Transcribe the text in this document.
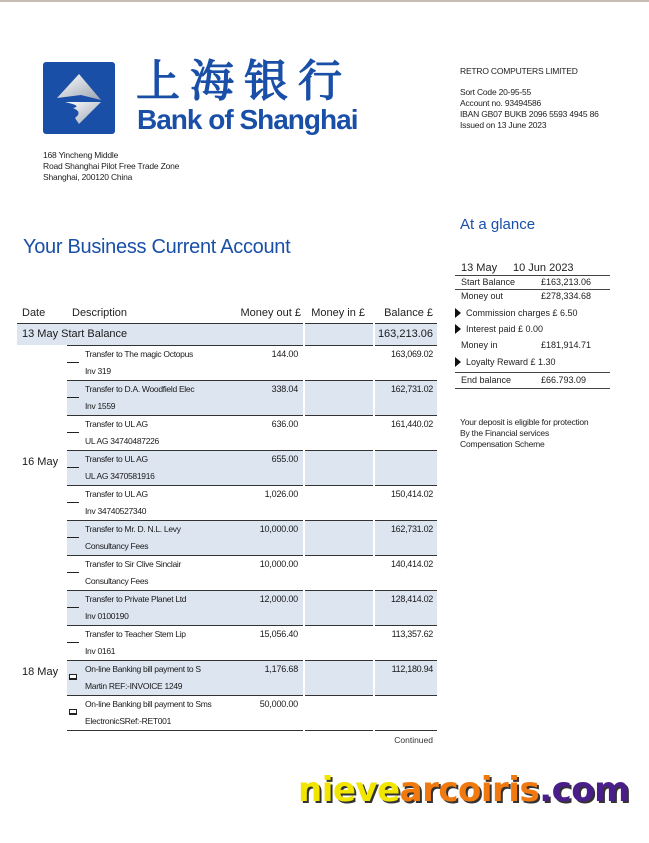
上海银行
Bank of Shanghai
168 Yincheng Middle
Road Shanghai Pilot Free Trade Zone
Shanghai, 200120 China
RETRO COMPUTERS LIMITED
Sort Code 20-95-55
Account no. 93494586
IBAN GB07 BUKB 2096 5593 4945 86
Issued on 13 June 2023
Your Business Current Account
At a glance
13 May	10 Jun 2023
Start Balance	£163,213.06
Money out	£278,334.68
Commission charges £ 6.50
Interest paid £ 0.00
Money in	£181,914.71
Loyalty Reward £ 1.30
End balance	£66.793.09
Your deposit is eligible for protection
By the Financial services
Compensation Scheme
Date Description	Money out £ Money in £ Balance £
13 May Start Balance	163,213.06
Transfer to The magic Octopus
Inv 319
144.00	163,069.02
Transfer to D.A. Woodfield Elec
Inv 1559
338.04	162,731.02
Transfer to UL AG
UL AG 34740487226
636.00	161,440.02
16 May	Transfer to UL AG
UL AG 3470581916
655.00
Transfer to UL AG
Inv 34740527340
1,026.00	150,414.02
Transfer to Mr. D. N.L. Levy
Consultancy Fees
10,000.00	162,731.02
Transfer to Sir Clive Sinclair
Consultancy Fees
10,000.00	140,414.02
Transfer to Private Planet Ltd
Inv 0100190
12,000.00	128,414.02
Transfer to Teacher Stem Lip
Inv 0161
15,056.40	113,357.62
18 May	On-line Banking bill payment to S
Martin REF:-INVOICE 1249
1,176.68	112,180.94
On-line Banking bill payment to Sms
ElectronicSRef:-RET001
50,000.00
Continued
nievearcoiris.com
